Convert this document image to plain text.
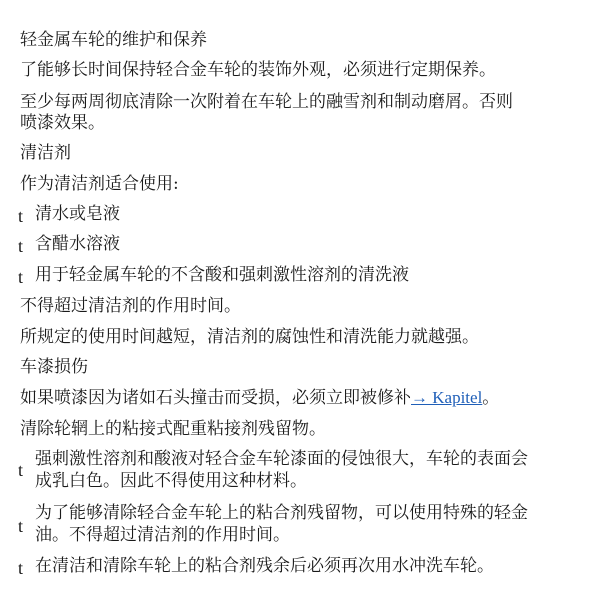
轻金属车轮的维护和保养
了能够长时间保持轻合金车轮的装饰外观，必须进行定期保养。
至少每两周彻底清除一次附着在车轮上的融雪剂和制动磨屑。否则
喷漆效果。
清洁剂
作为清洁剂适合使用:
t 清水或皂液
t 含醋水溶液
t 用于轻金属车轮的不含酸和强刺激性溶剂的清洗液
不得超过清洁剂的作用时间。
所规定的使用时间越短，清洁剂的腐蚀性和清洗能力就越强。
车漆损伤
如果喷漆因为诸如石头撞击而受损，必须立即被修补→ Kapitel。
清除轮辋上的粘接式配重粘接剂残留物。
t
强刺激性溶剂和酸液对轻合金车轮漆面的侵蚀很大，车轮的表面会
成乳白色。因此不得使用这种材料。
t
为了能够清除轻合金车轮上的粘合剂残留物，可以使用特殊的轻金
油。不得超过清洁剂的作用时间。
t 在清洁和清除车轮上的粘合剂残余后必须再次用水冲洗车轮。
